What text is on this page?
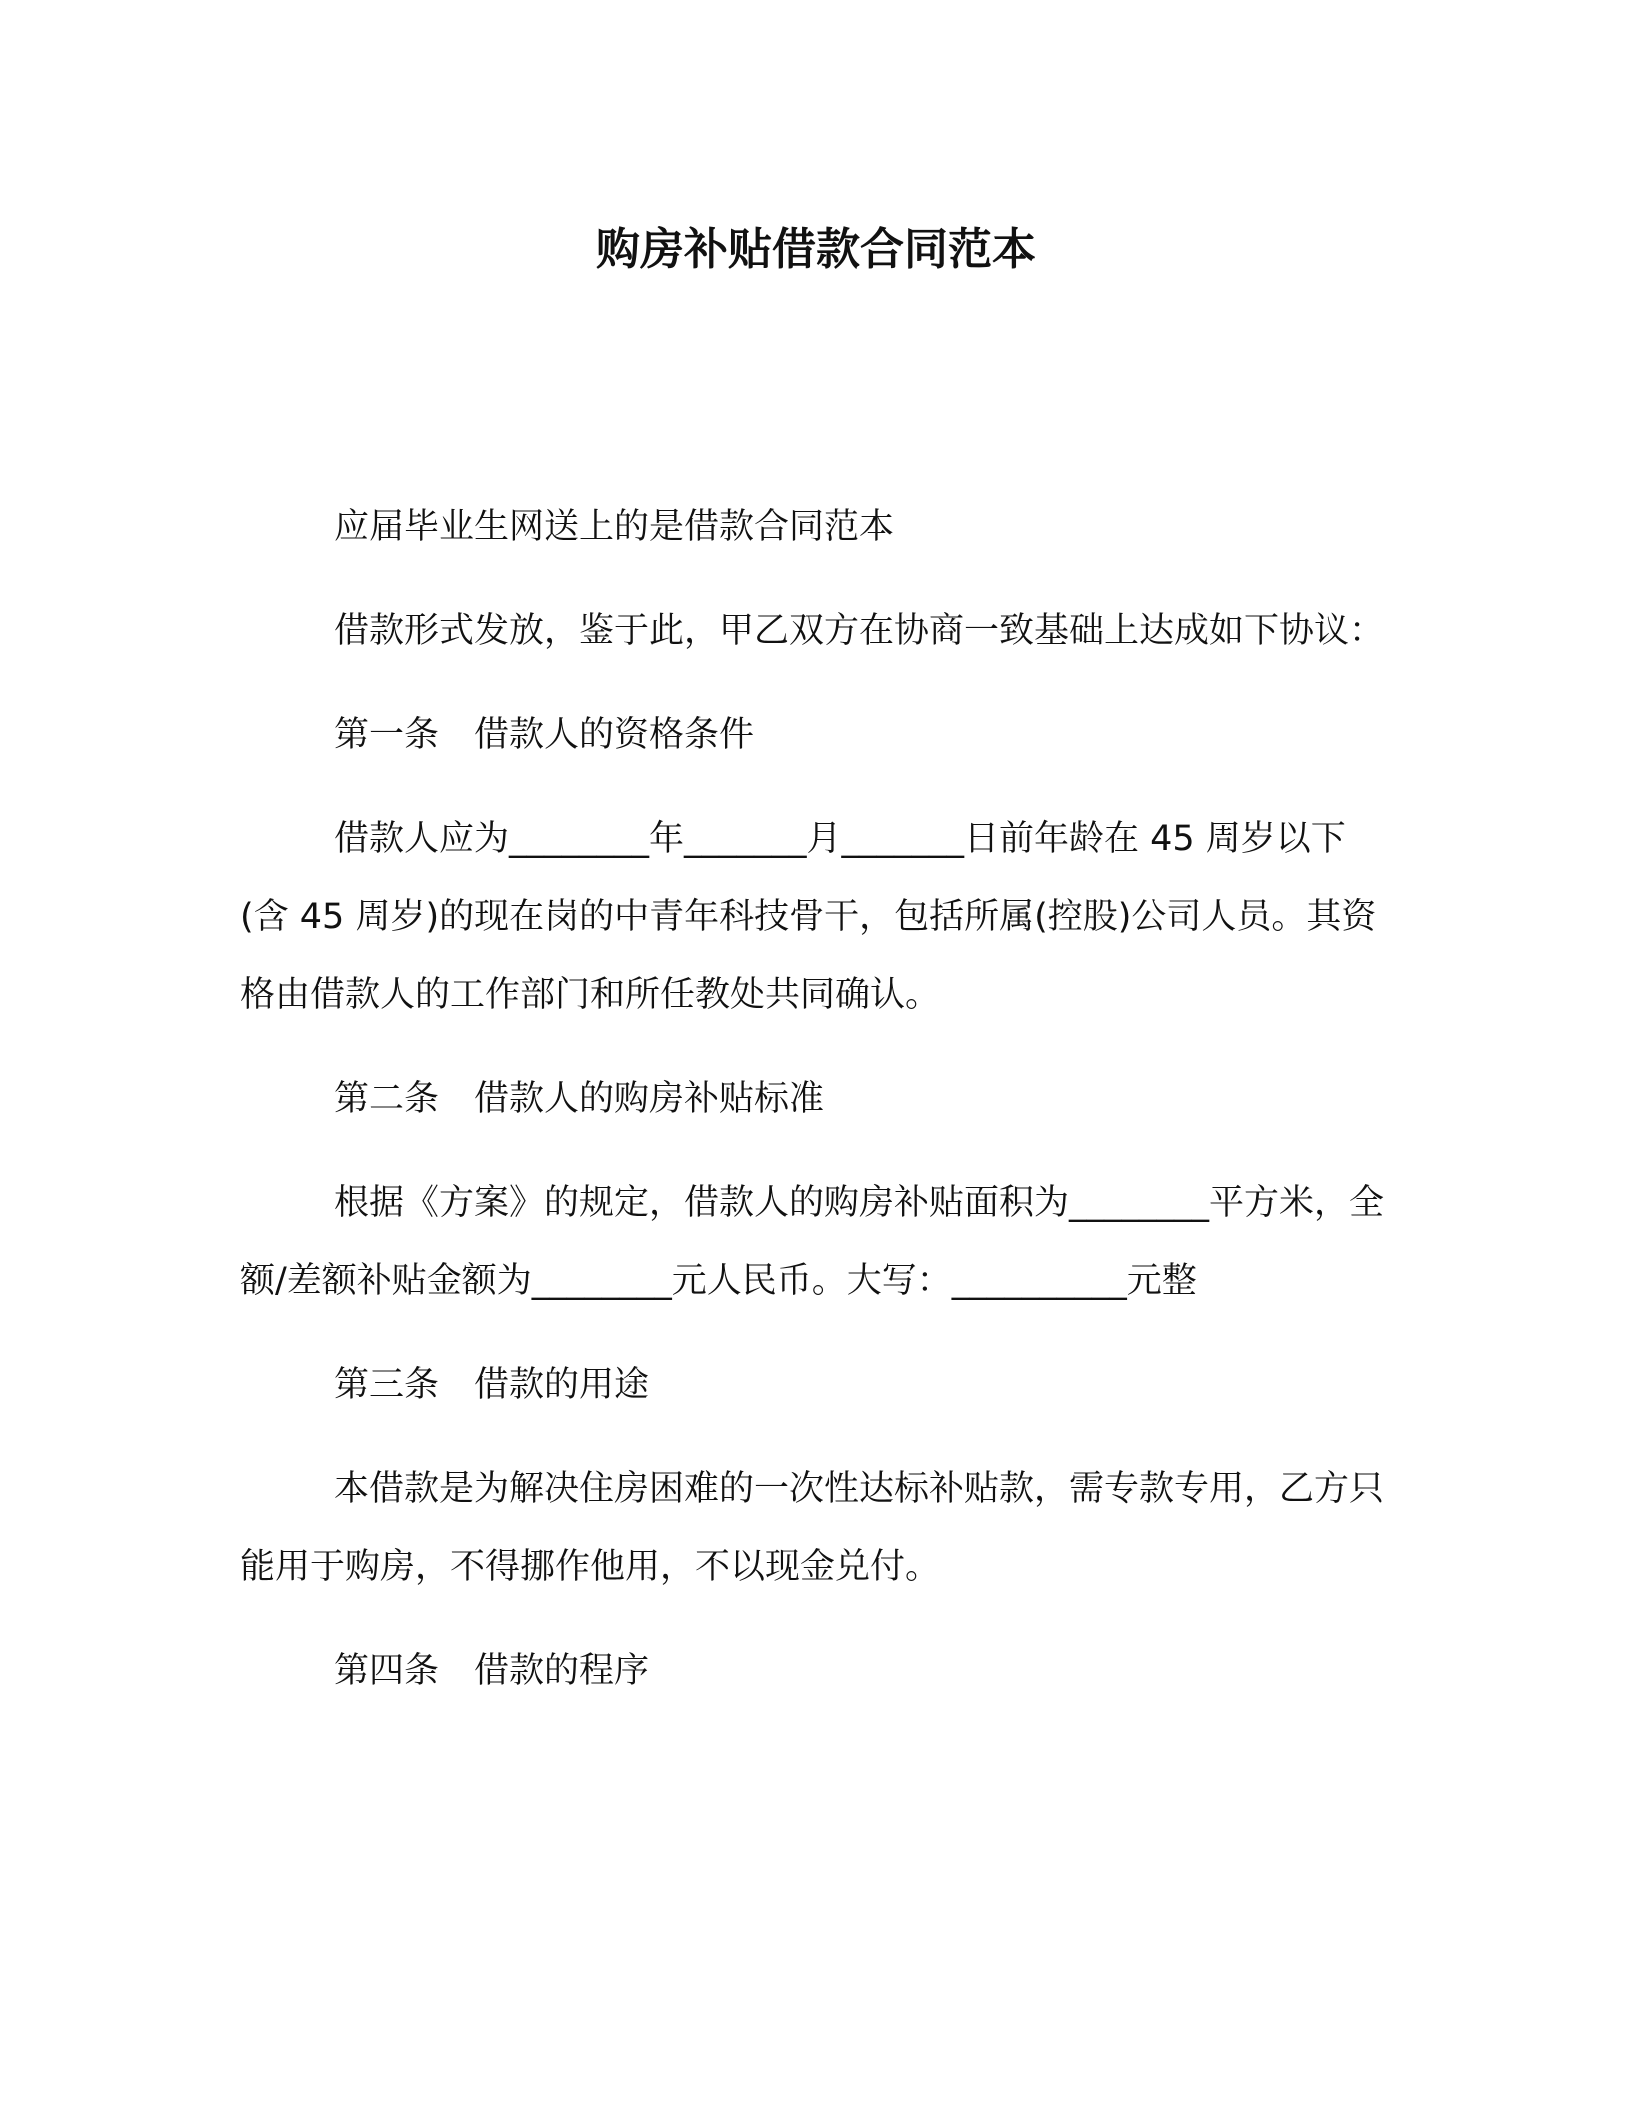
购房补贴借款合同范本

应届毕业生网送上的是借款合同范本

借款形式发放，鉴于此，甲乙双方在协商一致基础上达成如下协议：

第一条　借款人的资格条件

借款人应为________年_______月_______日前年龄在 45 周岁以下(含 45 周岁)的现在岗的中青年科技骨干，包括所属(控股)公司人员。其资格由借款人的工作部门和所任教处共同确认。

第二条　借款人的购房补贴标准

根据《方案》的规定，借款人的购房补贴面积为________平方米，全额/差额补贴金额为________元人民币。大写：__________元整

第三条　借款的用途

本借款是为解决住房困难的一次性达标补贴款，需专款专用，乙方只能用于购房，不得挪作他用，不以现金兑付。

第四条　借款的程序
